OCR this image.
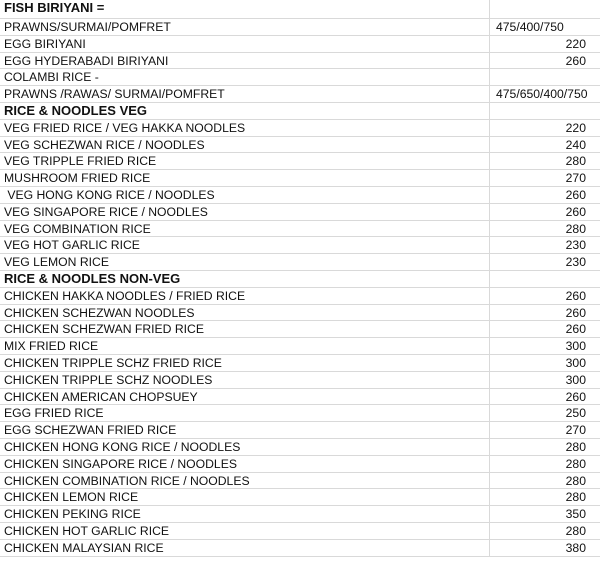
FISH BIRIYANI =
PRAWNS/SURMAI/POMFRET	475/400/750
EGG BIRIYANI	220
EGG HYDERABADI BIRIYANI	260
COLAMBI RICE -
PRAWNS /RAWAS/ SURMAI/POMFRET	475/650/400/750
RICE & NOODLES VEG
VEG FRIED RICE / VEG HAKKA NOODLES	220
VEG SCHEZWAN RICE / NOODLES	240
VEG TRIPPLE FRIED RICE	280
MUSHROOM FRIED RICE	270
VEG HONG KONG RICE / NOODLES	260
VEG SINGAPORE RICE / NOODLES	260
VEG COMBINATION RICE	280
VEG HOT GARLIC RICE	230
VEG LEMON RICE	230
RICE & NOODLES NON-VEG
CHICKEN HAKKA NOODLES / FRIED RICE	260
CHICKEN SCHEZWAN NOODLES	260
CHICKEN SCHEZWAN FRIED RICE	260
MIX FRIED RICE	300
CHICKEN TRIPPLE SCHZ FRIED RICE	300
CHICKEN TRIPPLE SCHZ NOODLES	300
CHICKEN AMERICAN CHOPSUEY	260
EGG FRIED RICE	250
EGG SCHEZWAN FRIED RICE	270
CHICKEN HONG KONG RICE / NOODLES	280
CHICKEN SINGAPORE RICE / NOODLES	280
CHICKEN COMBINATION RICE / NOODLES	280
CHICKEN LEMON RICE	280
CHICKEN PEKING RICE	350
CHICKEN HOT GARLIC RICE	280
CHICKEN MALAYSIAN RICE	380
